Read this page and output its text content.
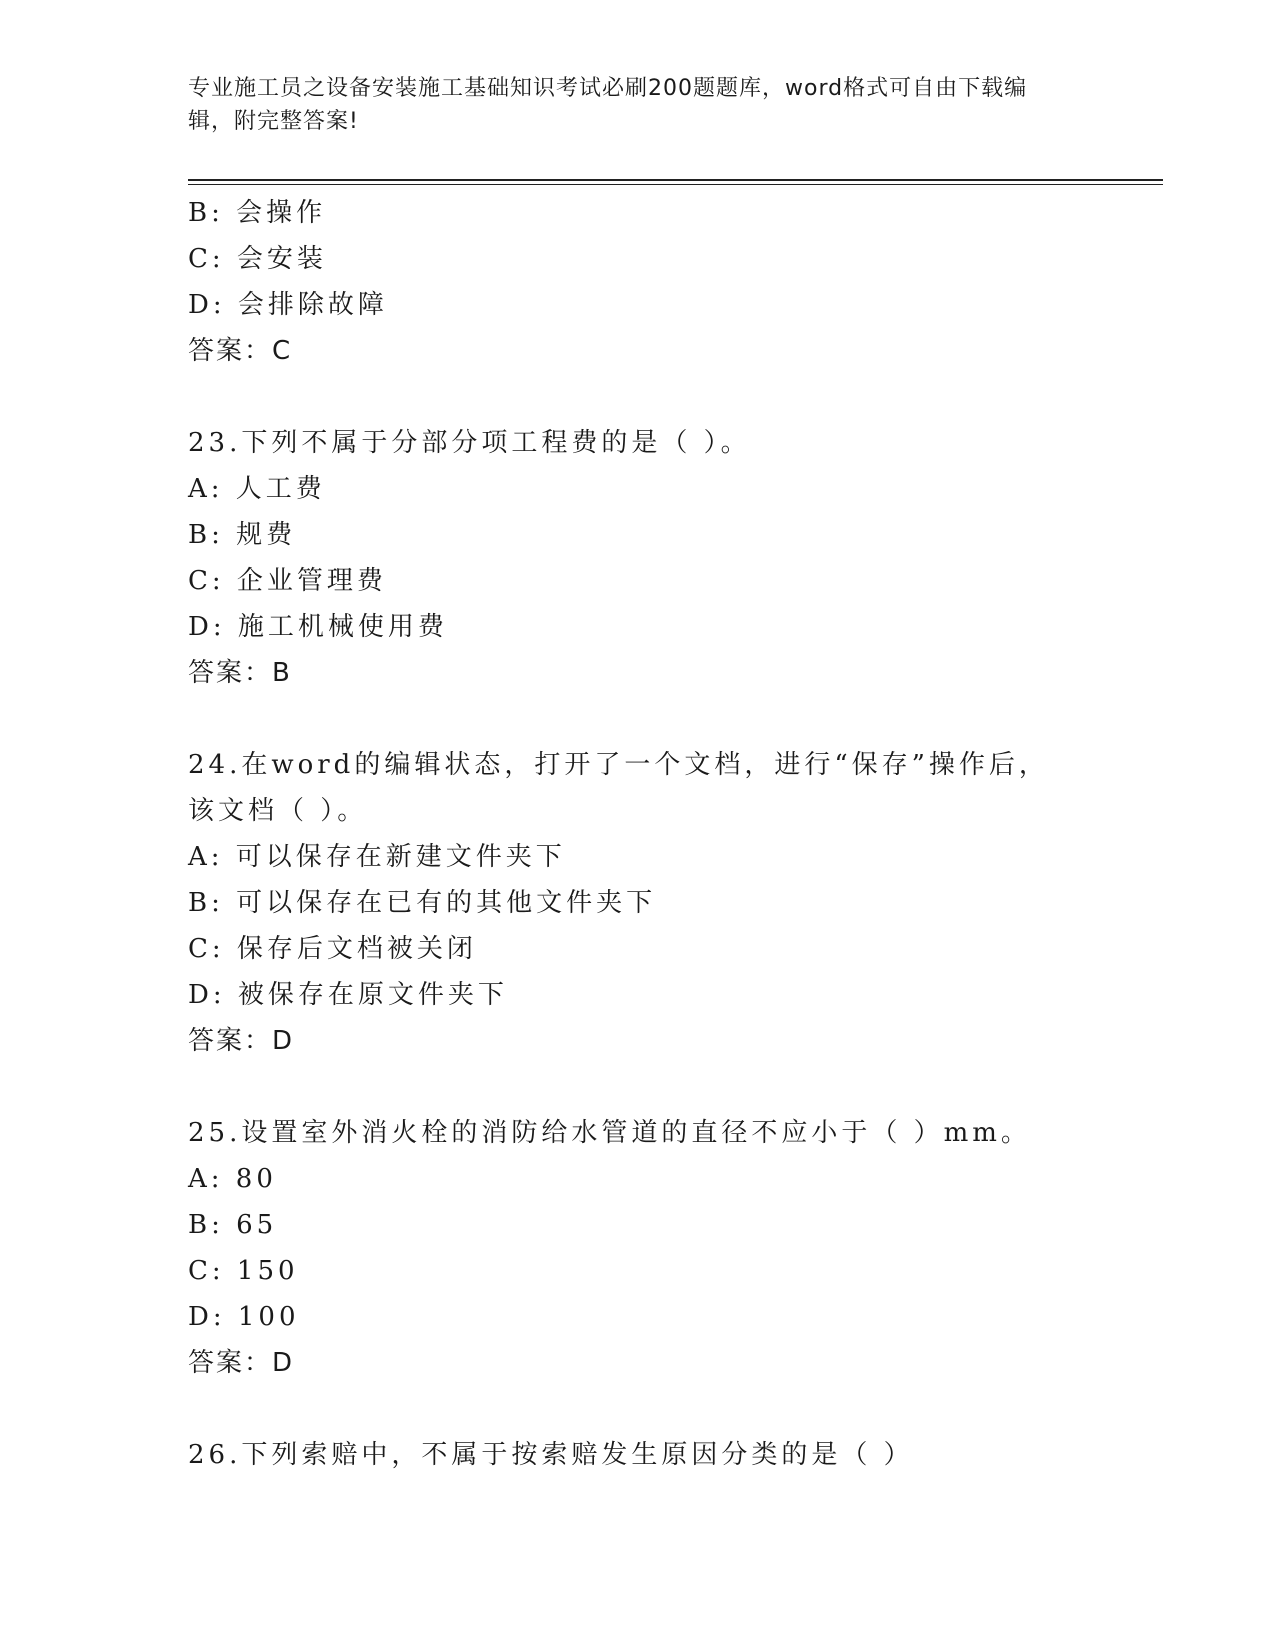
专业施工员之设备安装施工基础知识考试必刷200题题库，word格式可自由下载编辑，附完整答案!
B: 会操作
C: 会安装
D: 会排除故障
答案：C
23.下列不属于分部分项工程费的是（ ）。
A: 人工费
B: 规费
C: 企业管理费
D: 施工机械使用费
答案：B
24.在word的编辑状态，打开了一个文档，进行“保存”操作后，该文档（ ）。
A: 可以保存在新建文件夹下
B: 可以保存在已有的其他文件夹下
C: 保存后文档被关闭
D: 被保存在原文件夹下
答案：D
25.设置室外消火栓的消防给水管道的直径不应小于（ ）mm。
A: 80
B: 65
C: 150
D: 100
答案：D
26.下列索赔中，不属于按索赔发生原因分类的是（ ）
